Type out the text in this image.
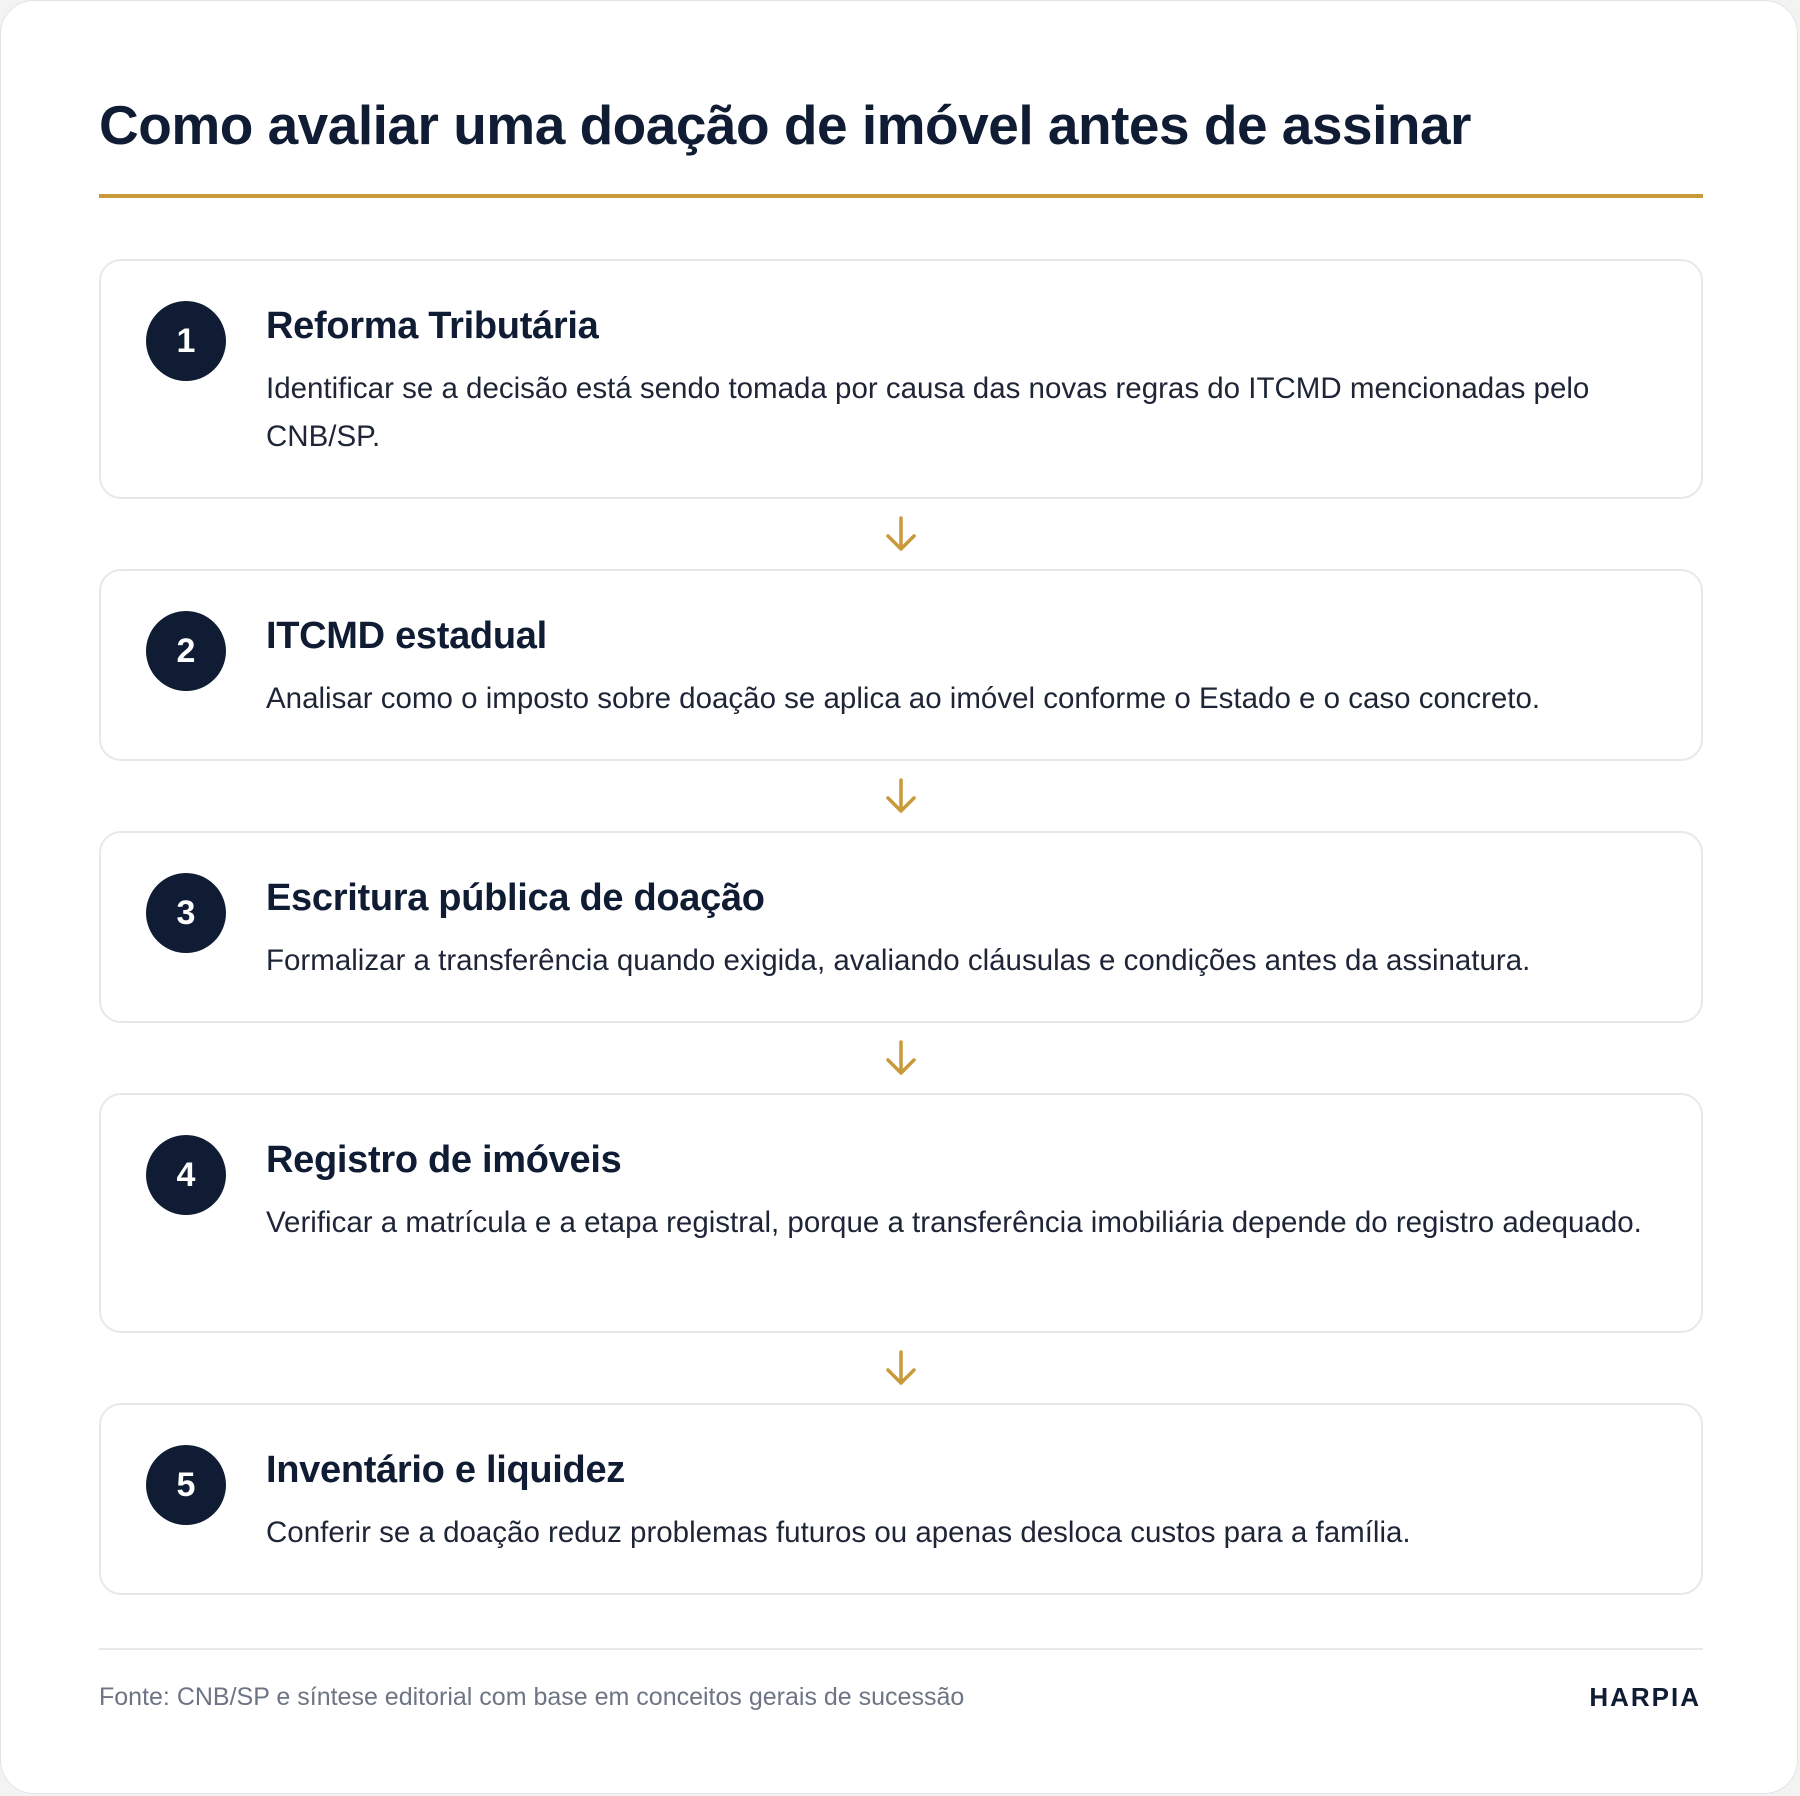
Como avaliar uma doação de imóvel antes de assinar
1	Reforma Tributária
Identificar se a decisão está sendo tomada por causa das novas regras do ITCMD mencionadas pelo CNB/SP.
2	ITCMD estadual
Analisar como o imposto sobre doação se aplica ao imóvel conforme o Estado e o caso concreto.
3	Escritura pública de doação
Formalizar a transferência quando exigida, avaliando cláusulas e condições antes da assinatura.
4	Registro de imóveis
Verificar a matrícula e a etapa registral, porque a transferência imobiliária depende do registro adequado.
5	Inventário e liquidez
Conferir se a doação reduz problemas futuros ou apenas desloca custos para a família.
Fonte: CNB/SP e síntese editorial com base em conceitos gerais de sucessão	HARPIA
